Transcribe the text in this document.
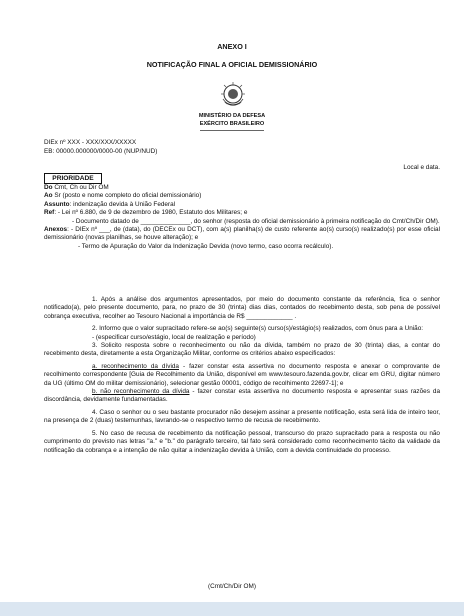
ANEXO I
NOTIFICAÇÃO FINAL A OFICIAL DEMISSIONÁRIO
MINISTÉRIO DA DEFESA
EXÉRCITO BRASILEIRO
DIEx nº XXX - XXX/XXX/XXXXX
EB: 00000.000000/0000-00 (NUP/NUD)
Local e data.
PRIORIDADE

Do Cmt, Ch ou Dir OM

Ao Sr (posto e nome completo do oficial demissionário)

Assunto: indenização devida à União Federal

Ref: - Lei nº 6.880, de 9 de dezembro de 1980, Estatuto dos Militares; e

- Documento datado de ______________, do senhor (resposta do oficial demissionário à primeira notificação do Cmt/Ch/Dir OM).

Anexos: - DIEx nº ___, de (data), do (DECEx ou DCT), com a(s) planilha(s) de custo referente ao(s) curso(s) realizado(s) por esse oficial demissionário (novas planilhas, se houve alteração); e

- Termo de Apuração do Valor da Indenização Devida (novo termo, caso ocorra recálculo).

1. Após a análise dos argumentos apresentados, por meio do documento constante da referência, fica o senhor notificado(a), pelo presente documento, para, no prazo de 30 (trinta) dias dias, contados do recebimento desta, sob pena de possível cobrança executiva, recolher ao Tesouro Nacional a importância de R$ _____________ .

2. Informo que o valor supracitado refere-se ao(s) seguinte(s) curso(s)/estágio(s) realizados, com ônus para a União:

- (especificar curso/estágio, local de realização e período)

3. Solicito resposta sobre o reconhecimento ou não da dívida, também no prazo de 30 (trinta) dias, a contar do recebimento desta, diretamente a esta Organização Militar, conforme os critérios abaixo especificados:

a. reconhecimento da dívida - fazer constar esta assertiva no documento resposta e anexar o comprovante de recolhimento correspondente [Guia de Recolhimento da União, disponível em www.tesouro.fazenda.gov.br, clicar em GRU, digitar número da UG (último OM do militar demissionário), selecionar gestão 00001, código de recolhimento 22697-1]; e

b. não reconhecimento da dívida - fazer constar esta assertiva no documento resposta e apresentar suas razões da discordância, devidamente fundamentadas.

4. Caso o senhor ou o seu bastante procurador não desejem assinar a presente notificação, esta será lida de inteiro teor, na presença de 2 (duas) testemunhas, lavrando-se o respectivo termo de recusa de recebimento.

5. No caso de recusa de recebimento da notificação pessoal, transcurso do prazo supracitado para a resposta ou não cumprimento do previsto nas letras "a." e "b." do parágrafo terceiro, tal fato será considerado como reconhecimento tácito da validade da notificação da cobrança e a intenção de não quitar a indenização devida à União, com a devida continuidade do processo.

(Cmt/Ch/Dir OM)
